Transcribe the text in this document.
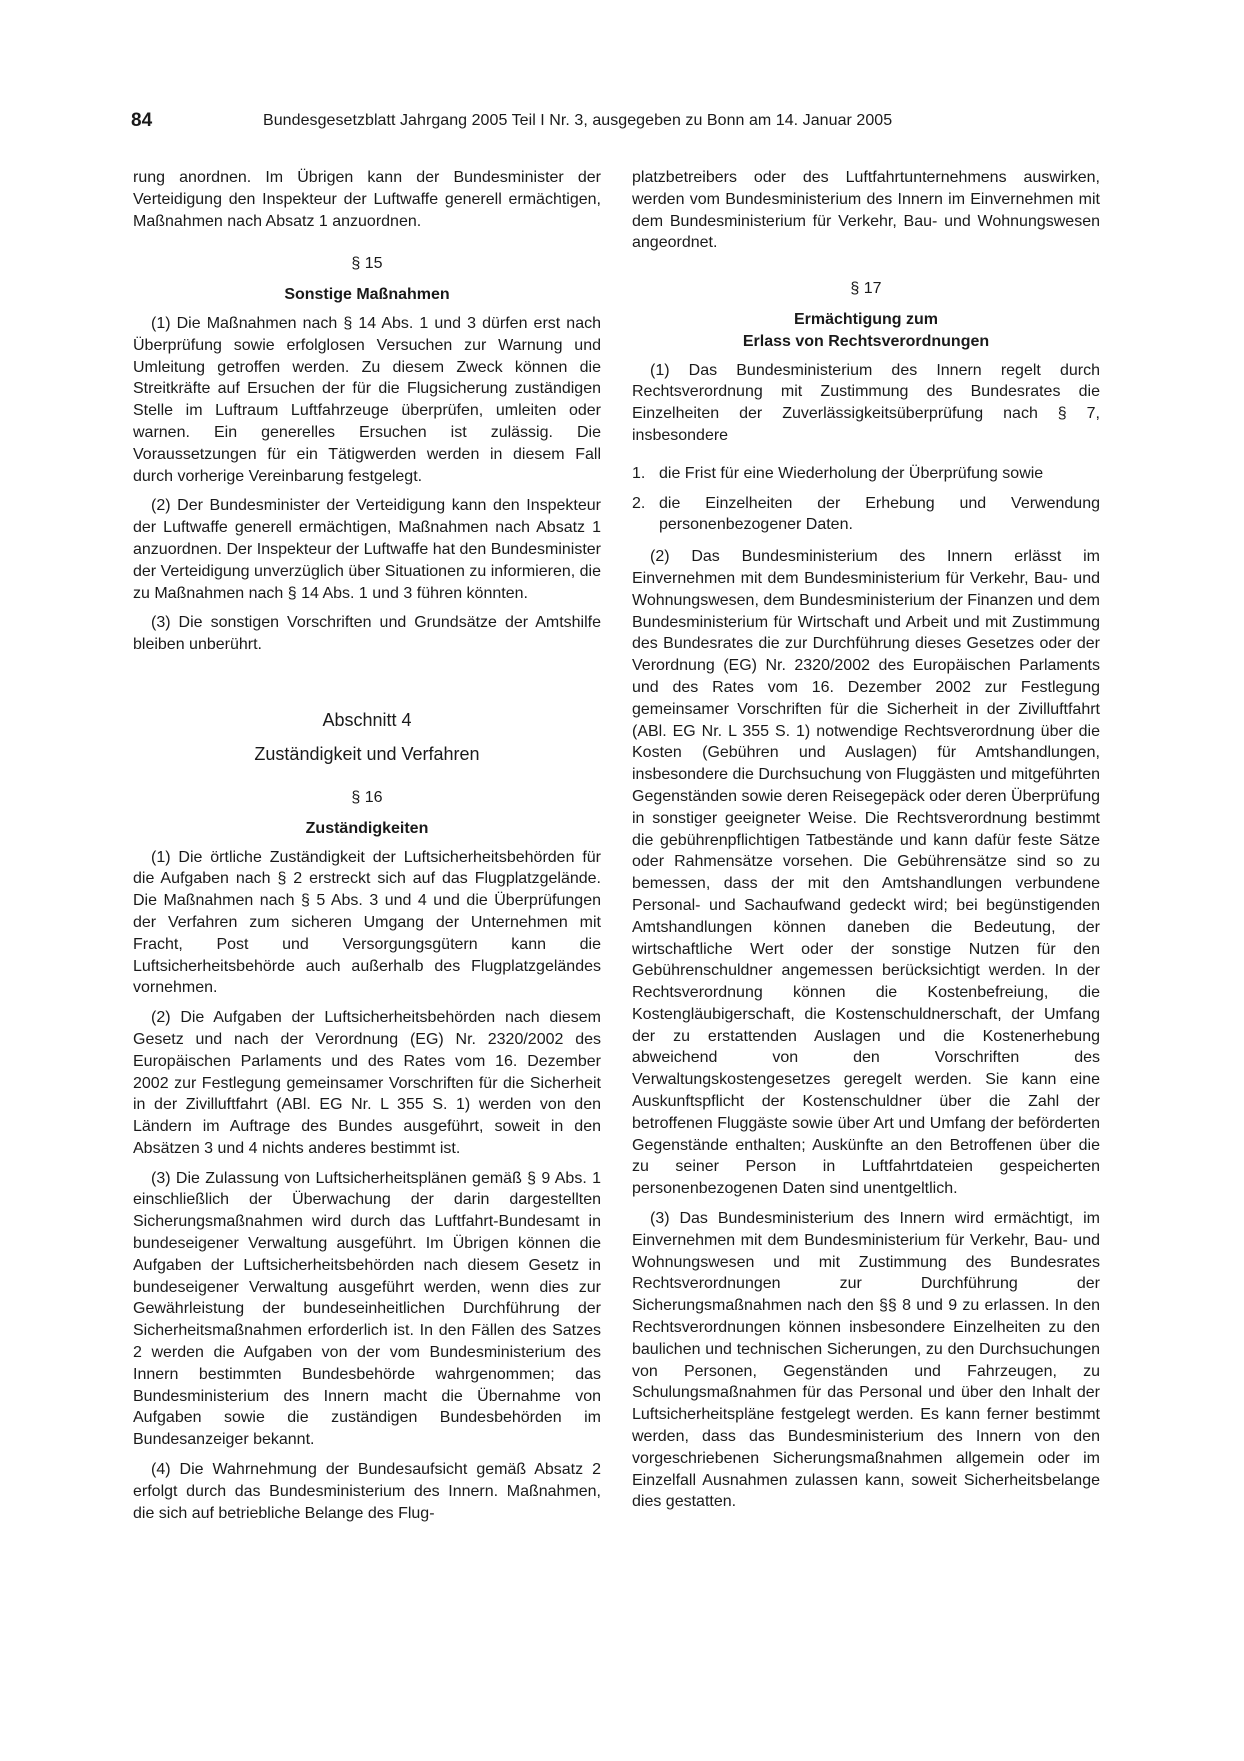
84	Bundesgesetzblatt Jahrgang 2005 Teil I Nr. 3, ausgegeben zu Bonn am 14. Januar 2005

rung anordnen. Im Übrigen kann der Bundesminister der Verteidigung den Inspekteur der Luftwaffe generell ermächtigen, Maßnahmen nach Absatz 1 anzuordnen.

§ 15
Sonstige Maßnahmen

(1) Die Maßnahmen nach § 14 Abs. 1 und 3 dürfen erst nach Überprüfung sowie erfolglosen Versuchen zur Warnung und Umleitung getroffen werden. Zu diesem Zweck können die Streitkräfte auf Ersuchen der für die Flugsicherung zuständigen Stelle im Luftraum Luftfahrzeuge überprüfen, umleiten oder warnen. Ein generelles Ersuchen ist zulässig. Die Voraussetzungen für ein Tätigwerden werden in diesem Fall durch vorherige Vereinbarung festgelegt.

(2) Der Bundesminister der Verteidigung kann den Inspekteur der Luftwaffe generell ermächtigen, Maßnahmen nach Absatz 1 anzuordnen. Der Inspekteur der Luftwaffe hat den Bundesminister der Verteidigung unverzüglich über Situationen zu informieren, die zu Maßnahmen nach § 14 Abs. 1 und 3 führen könnten.

(3) Die sonstigen Vorschriften und Grundsätze der Amtshilfe bleiben unberührt.

Abschnitt 4
Zuständigkeit und Verfahren
§ 16
Zuständigkeiten

(1) Die örtliche Zuständigkeit der Luftsicherheitsbehörden für die Aufgaben nach § 2 erstreckt sich auf das Flugplatzgelände. Die Maßnahmen nach § 5 Abs. 3 und 4 und die Überprüfungen der Verfahren zum sicheren Umgang der Unternehmen mit Fracht, Post und Versorgungsgütern kann die Luftsicherheitsbehörde auch außerhalb des Flugplatzgeländes vornehmen.

(2) Die Aufgaben der Luftsicherheitsbehörden nach diesem Gesetz und nach der Verordnung (EG) Nr. 2320/2002 des Europäischen Parlaments und des Rates vom 16. Dezember 2002 zur Festlegung gemeinsamer Vorschriften für die Sicherheit in der Zivilluftfahrt (ABl. EG Nr. L 355 S. 1) werden von den Ländern im Auftrage des Bundes ausgeführt, soweit in den Absätzen 3 und 4 nichts anderes bestimmt ist.

(3) Die Zulassung von Luftsicherheitsplänen gemäß § 9 Abs. 1 einschließlich der Überwachung der darin dargestellten Sicherungsmaßnahmen wird durch das Luftfahrt-Bundesamt in bundeseigener Verwaltung ausgeführt. Im Übrigen können die Aufgaben der Luftsicherheitsbehörden nach diesem Gesetz in bundeseigener Verwaltung ausgeführt werden, wenn dies zur Gewährleistung der bundeseinheitlichen Durchführung der Sicherheitsmaßnahmen erforderlich ist. In den Fällen des Satzes 2 werden die Aufgaben von der vom Bundesministerium des Innern bestimmten Bundesbehörde wahrgenommen; das Bundesministerium des Innern macht die Übernahme von Aufgaben sowie die zuständigen Bundesbehörden im Bundesanzeiger bekannt.

(4) Die Wahrnehmung der Bundesaufsicht gemäß Absatz 2 erfolgt durch das Bundesministerium des Innern. Maßnahmen, die sich auf betriebliche Belange des Flug-

platzbetreibers oder des Luftfahrtunternehmens auswirken, werden vom Bundesministerium des Innern im Einvernehmen mit dem Bundesministerium für Verkehr, Bau- und Wohnungswesen angeordnet.

§ 17
Ermächtigung zum
Erlass von Rechtsverordnungen

(1) Das Bundesministerium des Innern regelt durch Rechtsverordnung mit Zustimmung des Bundesrates die Einzelheiten der Zuverlässigkeitsüberprüfung nach § 7, insbesondere

1. die Frist für eine Wiederholung der Überprüfung sowie
2. die Einzelheiten der Erhebung und Verwendung personenbezogener Daten.

(2) Das Bundesministerium des Innern erlässt im Einvernehmen mit dem Bundesministerium für Verkehr, Bau- und Wohnungswesen, dem Bundesministerium der Finanzen und dem Bundesministerium für Wirtschaft und Arbeit und mit Zustimmung des Bundesrates die zur Durchführung dieses Gesetzes oder der Verordnung (EG) Nr. 2320/2002 des Europäischen Parlaments und des Rates vom 16. Dezember 2002 zur Festlegung gemeinsamer Vorschriften für die Sicherheit in der Zivilluftfahrt (ABl. EG Nr. L 355 S. 1) notwendige Rechtsverordnung über die Kosten (Gebühren und Auslagen) für Amtshandlungen, insbesondere die Durchsuchung von Fluggästen und mitgeführten Gegenständen sowie deren Reisegepäck oder deren Überprüfung in sonstiger geeigneter Weise. Die Rechtsverordnung bestimmt die gebührenpflichtigen Tatbestände und kann dafür feste Sätze oder Rahmensätze vorsehen. Die Gebührensätze sind so zu bemessen, dass der mit den Amtshandlungen verbundene Personal- und Sachaufwand gedeckt wird; bei begünstigenden Amtshandlungen können daneben die Bedeutung, der wirtschaftliche Wert oder der sonstige Nutzen für den Gebührenschuldner angemessen berücksichtigt werden. In der Rechtsverordnung können die Kostenbefreiung, die Kostengläubigerschaft, die Kostenschuldnerschaft, der Umfang der zu erstattenden Auslagen und die Kostenerhebung abweichend von den Vorschriften des Verwaltungskostengesetzes geregelt werden. Sie kann eine Auskunftspflicht der Kostenschuldner über die Zahl der betroffenen Fluggäste sowie über Art und Umfang der beförderten Gegenstände enthalten; Auskünfte an den Betroffenen über die zu seiner Person in Luftfahrtdateien gespeicherten personenbezogenen Daten sind unentgeltlich.

(3) Das Bundesministerium des Innern wird ermächtigt, im Einvernehmen mit dem Bundesministerium für Verkehr, Bau- und Wohnungswesen und mit Zustimmung des Bundesrates Rechtsverordnungen zur Durchführung der Sicherungsmaßnahmen nach den §§ 8 und 9 zu erlassen. In den Rechtsverordnungen können insbesondere Einzelheiten zu den baulichen und technischen Sicherungen, zu den Durchsuchungen von Personen, Gegenständen und Fahrzeugen, zu Schulungsmaßnahmen für das Personal und über den Inhalt der Luftsicherheitspläne festgelegt werden. Es kann ferner bestimmt werden, dass das Bundesministerium des Innern von den vorgeschriebenen Sicherungsmaßnahmen allgemein oder im Einzelfall Ausnahmen zulassen kann, soweit Sicherheitsbelange dies gestatten.
